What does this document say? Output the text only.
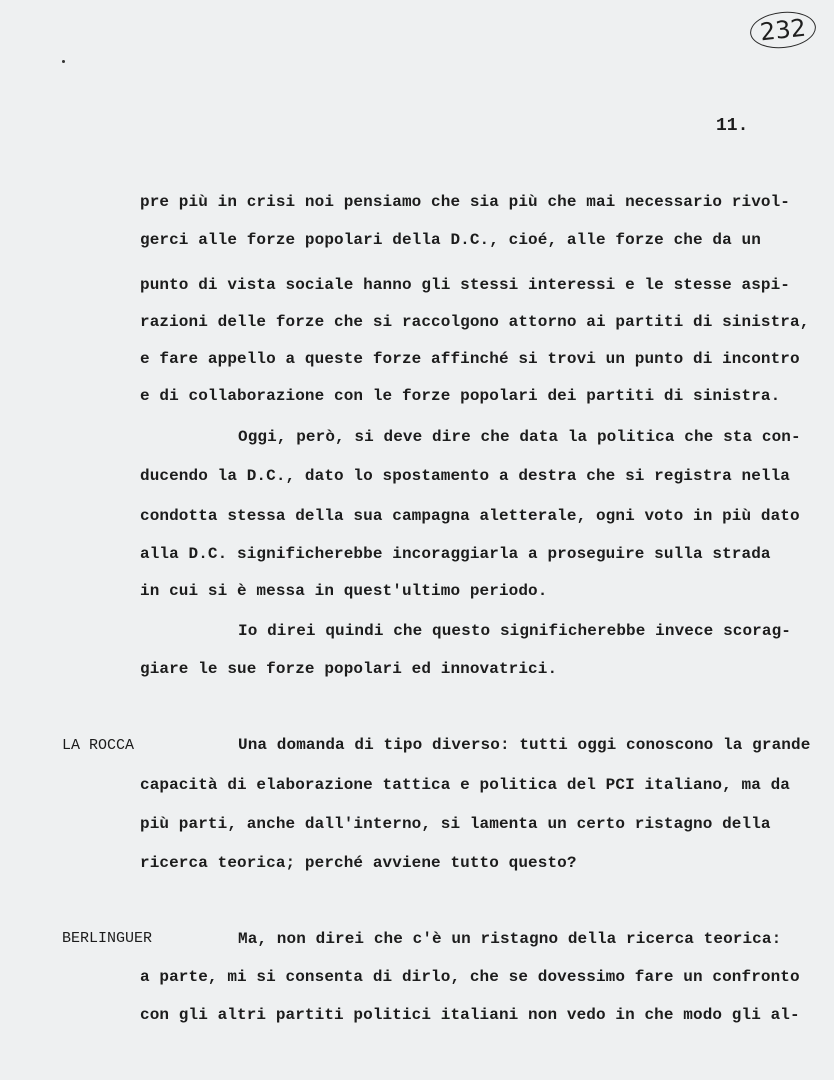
232
11.
pre più in crisi noi pensiamo che sia più che mai necessario rivol-
gerci alle forze popolari della D.C., cioé, alle forze che da un
punto di vista sociale hanno gli stessi interessi e le stesse aspi-
razioni delle forze che si raccolgono attorno ai partiti di sinistra,
e fare appello a queste forze affinché si trovi un punto di incontro
e di collaborazione con le forze popolari dei partiti di sinistra.
Oggi, però, si deve dire che data la politica che sta con-
ducendo la D.C., dato lo spostamento a destra che si registra nella
condotta stessa della sua campagna aletterale, ogni voto in più dato
alla D.C. significherebbe incoraggiarla a proseguire sulla strada
in cui si è messa in quest'ultimo periodo.
Io direi quindi che questo significherebbe invece scorag-
giare le sue forze popolari ed innovatrici.
LA ROCCA	Una domanda di tipo diverso: tutti oggi conoscono la grande
capacità di elaborazione tattica e politica del PCI italiano, ma da
più parti, anche dall'interno, si lamenta un certo ristagno della
ricerca teorica; perché avviene tutto questo?
BERLINGUER	Ma, non direi che c'è un ristagno della ricerca teorica:
a parte, mi si consenta di dirlo, che se dovessimo fare un confronto
con gli altri partiti politici italiani non vedo in che modo gli al-
